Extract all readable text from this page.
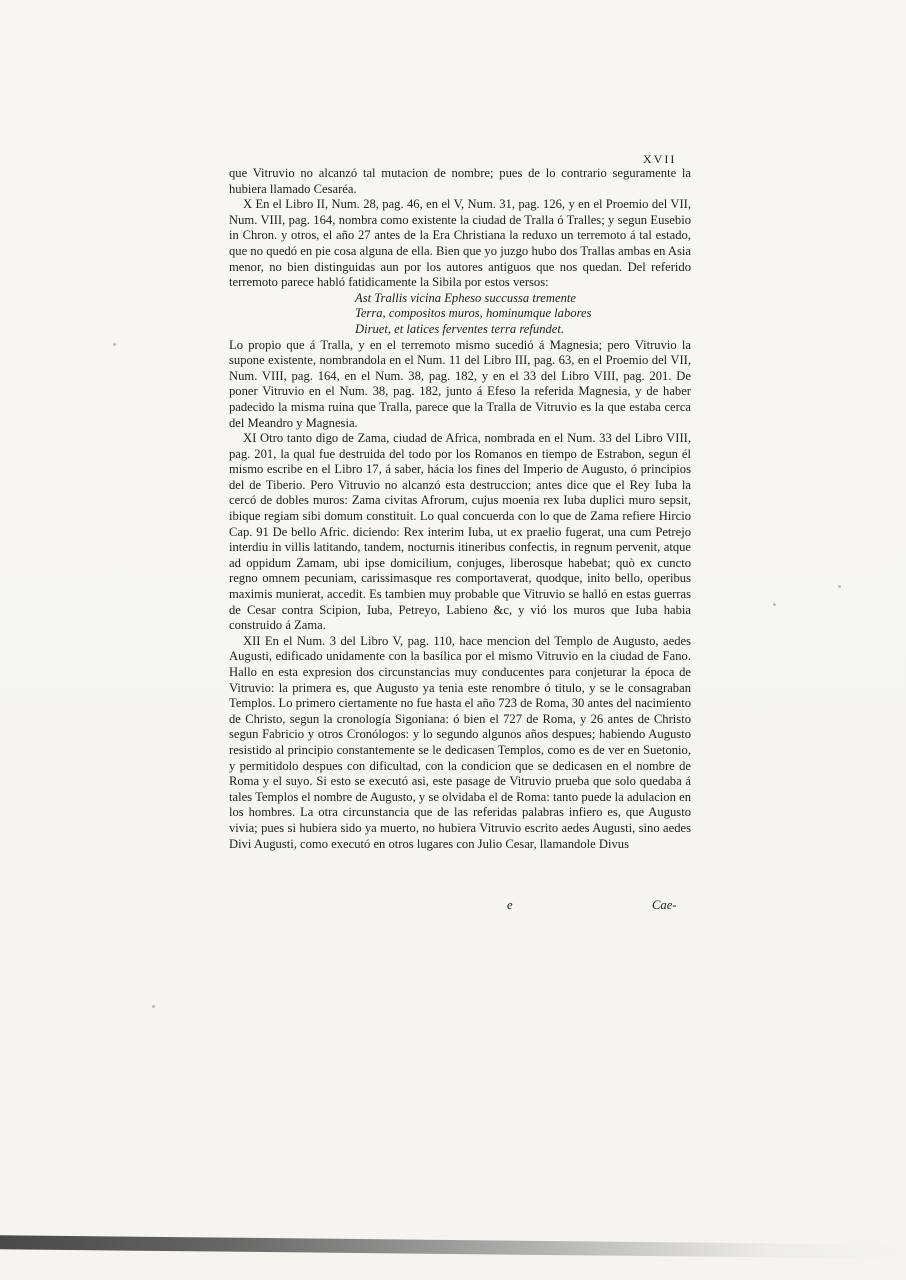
XVII

que Vitruvio no alcanzó tal mutacion de nombre; pues de lo contrario seguramente la hubiera llamado Cesaréa.

X En el Libro II, Num. 28, pag. 46, en el V, Num. 31, pag. 126, y en el Proemio del VII, Num. VIII, pag. 164, nombra como existente la ciudad de Tralla ó Tralles; y segun Eusebio in Chron. y otros, el año 27 antes de la Era Christiana la reduxo un terremoto á tal estado, que no quedó en pie cosa alguna de ella. Bien que yo juzgo hubo dos Trallas ambas en Asia menor, no bien distinguidas aun por los autores antiguos que nos quedan. Del referido terremoto parece habló fatidicamente la Sibila por estos versos:

Ast Trallis vicina Epheso succussa tremente
Terra, compositos muros, hominumque labores
Diruet, et latices ferventes terra refundet.

Lo propio que á Tralla, y en el terremoto mismo sucedió á Magnesia; pero Vitruvio la supone existente, nombrandola en el Num. 11 del Libro III, pag. 63, en el Proemio del VII, Num. VIII, pag. 164, en el Num. 38, pag. 182, y en el 33 del Libro VIII, pag. 201. De poner Vitruvio en el Num. 38, pag. 182, junto á Efeso la referida Magnesia, y de haber padecido la misma ruina que Tralla, parece que la Tralla de Vitruvio es la que estaba cerca del Meandro y Magnesia.

XI Otro tanto digo de Zama, ciudad de Africa, nombrada en el Num. 33 del Libro VIII, pag. 201, la qual fue destruida del todo por los Romanos en tiempo de Estrabon, segun él mismo escribe en el Libro 17, á saber, hácia los fines del Imperio de Augusto, ó principios del de Tiberio. Pero Vitruvio no alcanzó esta destruccion; antes dice que el Rey Iuba la cercó de dobles muros: Zama civitas Afrorum, cujus moenia rex Iuba duplici muro sepsit, ibique regiam sibi domum constituit. Lo qual concuerda con lo que de Zama refiere Hircio Cap. 91 De bello Afric. diciendo: Rex interim Iuba, ut ex praelio fugerat, una cum Petrejo interdiu in villis latitando, tandem, nocturnis itineribus confectis, in regnum pervenit, atque ad oppidum Zamam, ubi ipse domicilium, conjuges, liberosque habebat; quò ex cuncto regno omnem pecuniam, carissimasque res comportaverat, quodque, inito bello, operibus maximis munierat, accedit. Es tambien muy probable que Vitruvio se halló en estas guerras de Cesar contra Scipion, Iuba, Petreyo, Labieno &c, y vió los muros que Iuba habia construido á Zama.

XII En el Num. 3 del Libro V, pag. 110, hace mencion del Templo de Augusto, aedes Augusti, edificado unidamente con la basílica por el mismo Vitruvio en la ciudad de Fano. Hallo en esta expresion dos circunstancias muy conducentes para conjeturar la época de Vitruvio: la primera es, que Augusto ya tenia este renombre ó titulo, y se le consagraban Templos. Lo primero ciertamente no fue hasta el año 723 de Roma, 30 antes del nacimiento de Christo, segun la cronología Sigoniana: ó bien el 727 de Roma, y 26 antes de Christo segun Fabricio y otros Cronólogos: y lo segundo algunos años despues; habiendo Augusto resistido al principio constantemente se le dedicasen Templos, como es de ver en Suetonio, y permitidolo despues con dificultad, con la condicion que se dedicasen en el nombre de Roma y el suyo. Si esto se executó asi, este pasage de Vitruvio prueba que solo quedaba á tales Templos el nombre de Augusto, y se olvidaba el de Roma: tanto puede la adulacion en los hombres. La otra circunstancia que de las referidas palabras infiero es, que Augusto vivia; pues si hubiera sido ya muerto, no hubiera Vitruvio escrito aedes Augusti, sino aedes Divi Augusti, como executó en otros lugares con Julio Cesar, llamandole Divus

e	Cae-
